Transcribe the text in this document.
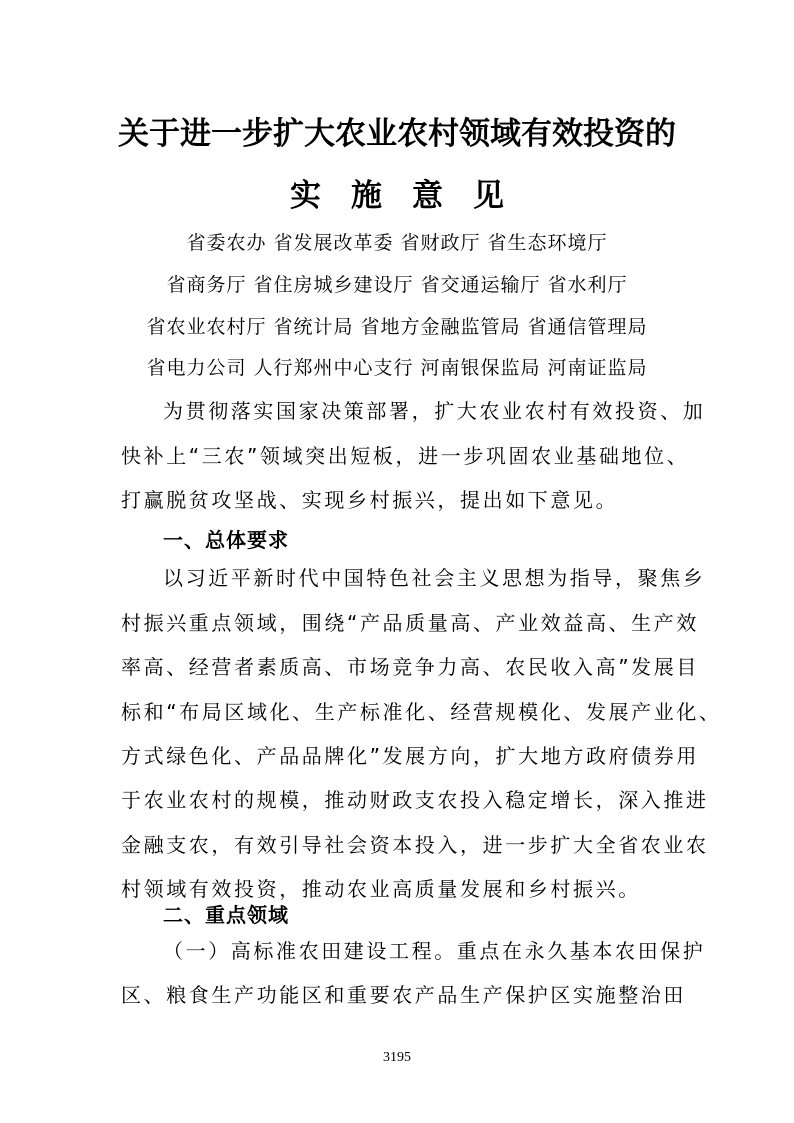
关于进一步扩大农业农村领域有效投资的
实施意见
省委农办 省发展改革委 省财政厅 省生态环境厅
省商务厅 省住房城乡建设厅 省交通运输厅 省水利厅
省农业农村厅 省统计局 省地方金融监管局 省通信管理局
省电力公司 人行郑州中心支行 河南银保监局 河南证监局
为贯彻落实国家决策部署，扩大农业农村有效投资、加
快补上“三农”领域突出短板，进一步巩固农业基础地位、
打赢脱贫攻坚战、实现乡村振兴，提出如下意见。
一、总体要求
以习近平新时代中国特色社会主义思想为指导，聚焦乡
村振兴重点领域，围绕“产品质量高、产业效益高、生产效
率高、经营者素质高、市场竞争力高、农民收入高”发展目
标和“布局区域化、生产标准化、经营规模化、发展产业化、
方式绿色化、产品品牌化”发展方向，扩大地方政府债券用
于农业农村的规模，推动财政支农投入稳定增长，深入推进
金融支农，有效引导社会资本投入，进一步扩大全省农业农
村领域有效投资，推动农业高质量发展和乡村振兴。
二、重点领域
（一）高标准农田建设工程。重点在永久基本农田保护
区、粮食生产功能区和重要农产品生产保护区实施整治田
3195
